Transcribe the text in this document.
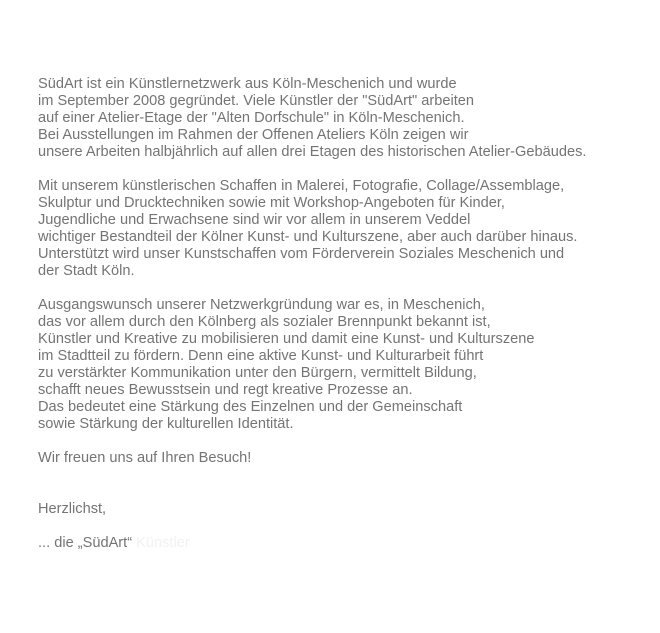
SüdArt ist ein Künstlernetzwerk aus Köln-Meschenich und wurde
im September 2008 gegründet. Viele Künstler der "SüdArt" arbeiten
auf einer Atelier-Etage der "Alten Dorfschule" in Köln-Meschenich.
Bei Ausstellungen im Rahmen der Offenen Ateliers Köln zeigen wir
unsere Arbeiten halbjährlich auf allen drei Etagen des historischen Atelier-Gebäudes.

Mit unserem künstlerischen Schaffen in Malerei, Fotografie, Collage/Assemblage,
Skulptur und Drucktechniken sowie mit Workshop-Angeboten für Kinder,
Jugendliche und Erwachsene sind wir vor allem in unserem Veddel
wichtiger Bestandteil der Kölner Kunst- und Kulturszene, aber auch darüber hinaus.
Unterstützt wird unser Kunstschaffen vom Förderverein Soziales Meschenich und
der Stadt Köln.

Ausgangswunsch unserer Netzwerkgründung war es, in Meschenich,
das vor allem durch den Kölnberg als sozialer Brennpunkt bekannt ist,
Künstler und Kreative zu mobilisieren und damit eine Kunst- und Kulturszene
im Stadtteil zu fördern. Denn eine aktive Kunst- und Kulturarbeit führt
zu verstärkter Kommunikation unter den Bürgern, vermittelt Bildung,
schafft neues Bewusstsein und regt kreative Prozesse an.
Das bedeutet eine Stärkung des Einzelnen und der Gemeinschaft
sowie Stärkung der kulturellen Identität.

Wir freuen uns auf Ihren Besuch!

Herzlichst,

... die „SüdArt“ Künstler
